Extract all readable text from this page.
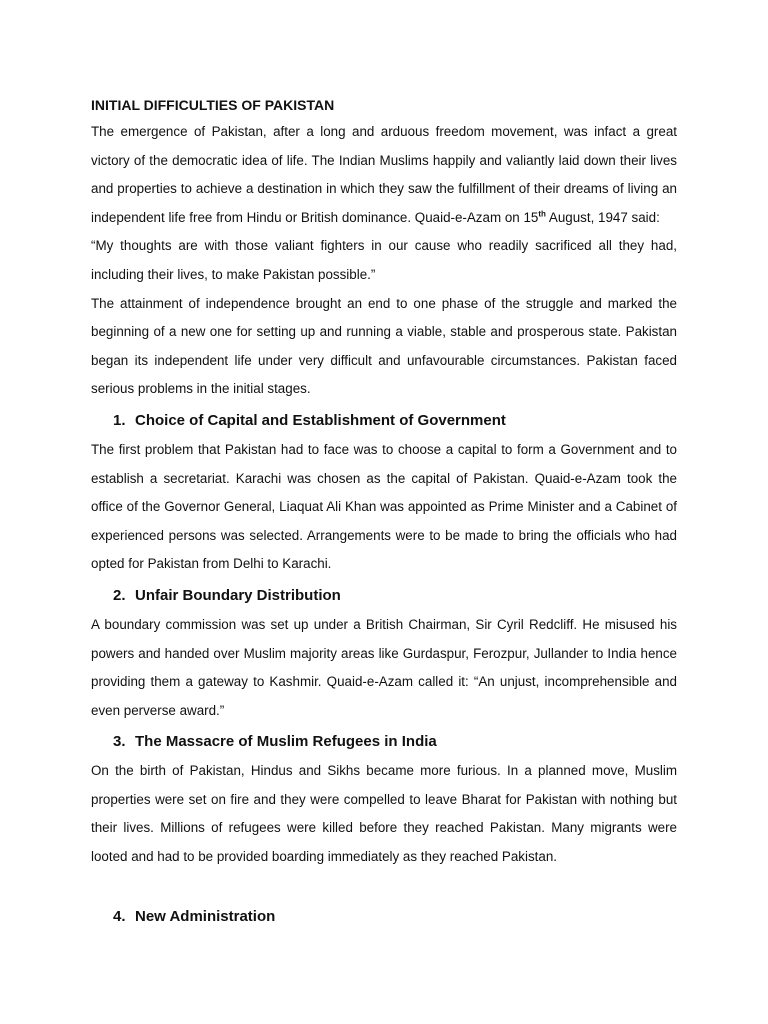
INITIAL DIFFICULTIES OF PAKISTAN

The emergence of Pakistan, after a long and arduous freedom movement, was infact a great victory of the democratic idea of life. The Indian Muslims happily and valiantly laid down their lives and properties to achieve a destination in which they saw the fulfillment of their dreams of living an independent life free from Hindu or British dominance. Quaid-e-Azam on 15th August, 1947 said:

“My thoughts are with those valiant fighters in our cause who readily sacrificed all they had, including their lives, to make Pakistan possible.”

The attainment of independence brought an end to one phase of the struggle and marked the beginning of a new one for setting up and running a viable, stable and prosperous state. Pakistan began its independent life under very difficult and unfavourable circumstances. Pakistan faced serious problems in the initial stages.

1. Choice of Capital and Establishment of Government

The first problem that Pakistan had to face was to choose a capital to form a Government and to establish a secretariat. Karachi was chosen as the capital of Pakistan. Quaid-e-Azam took the office of the Governor General, Liaquat Ali Khan was appointed as Prime Minister and a Cabinet of experienced persons was selected. Arrangements were to be made to bring the officials who had opted for Pakistan from Delhi to Karachi.

2. Unfair Boundary Distribution

A boundary commission was set up under a British Chairman, Sir Cyril Redcliff. He misused his powers and handed over Muslim majority areas like Gurdaspur, Ferozpur, Jullander to India hence providing them a gateway to Kashmir. Quaid-e-Azam called it: “An unjust, incomprehensible and even perverse award.”

3. The Massacre of Muslim Refugees in India

On the birth of Pakistan, Hindus and Sikhs became more furious. In a planned move, Muslim properties were set on fire and they were compelled to leave Bharat for Pakistan with nothing but their lives. Millions of refugees were killed before they reached Pakistan. Many migrants were looted and had to be provided boarding immediately as they reached Pakistan.

4. New Administration
